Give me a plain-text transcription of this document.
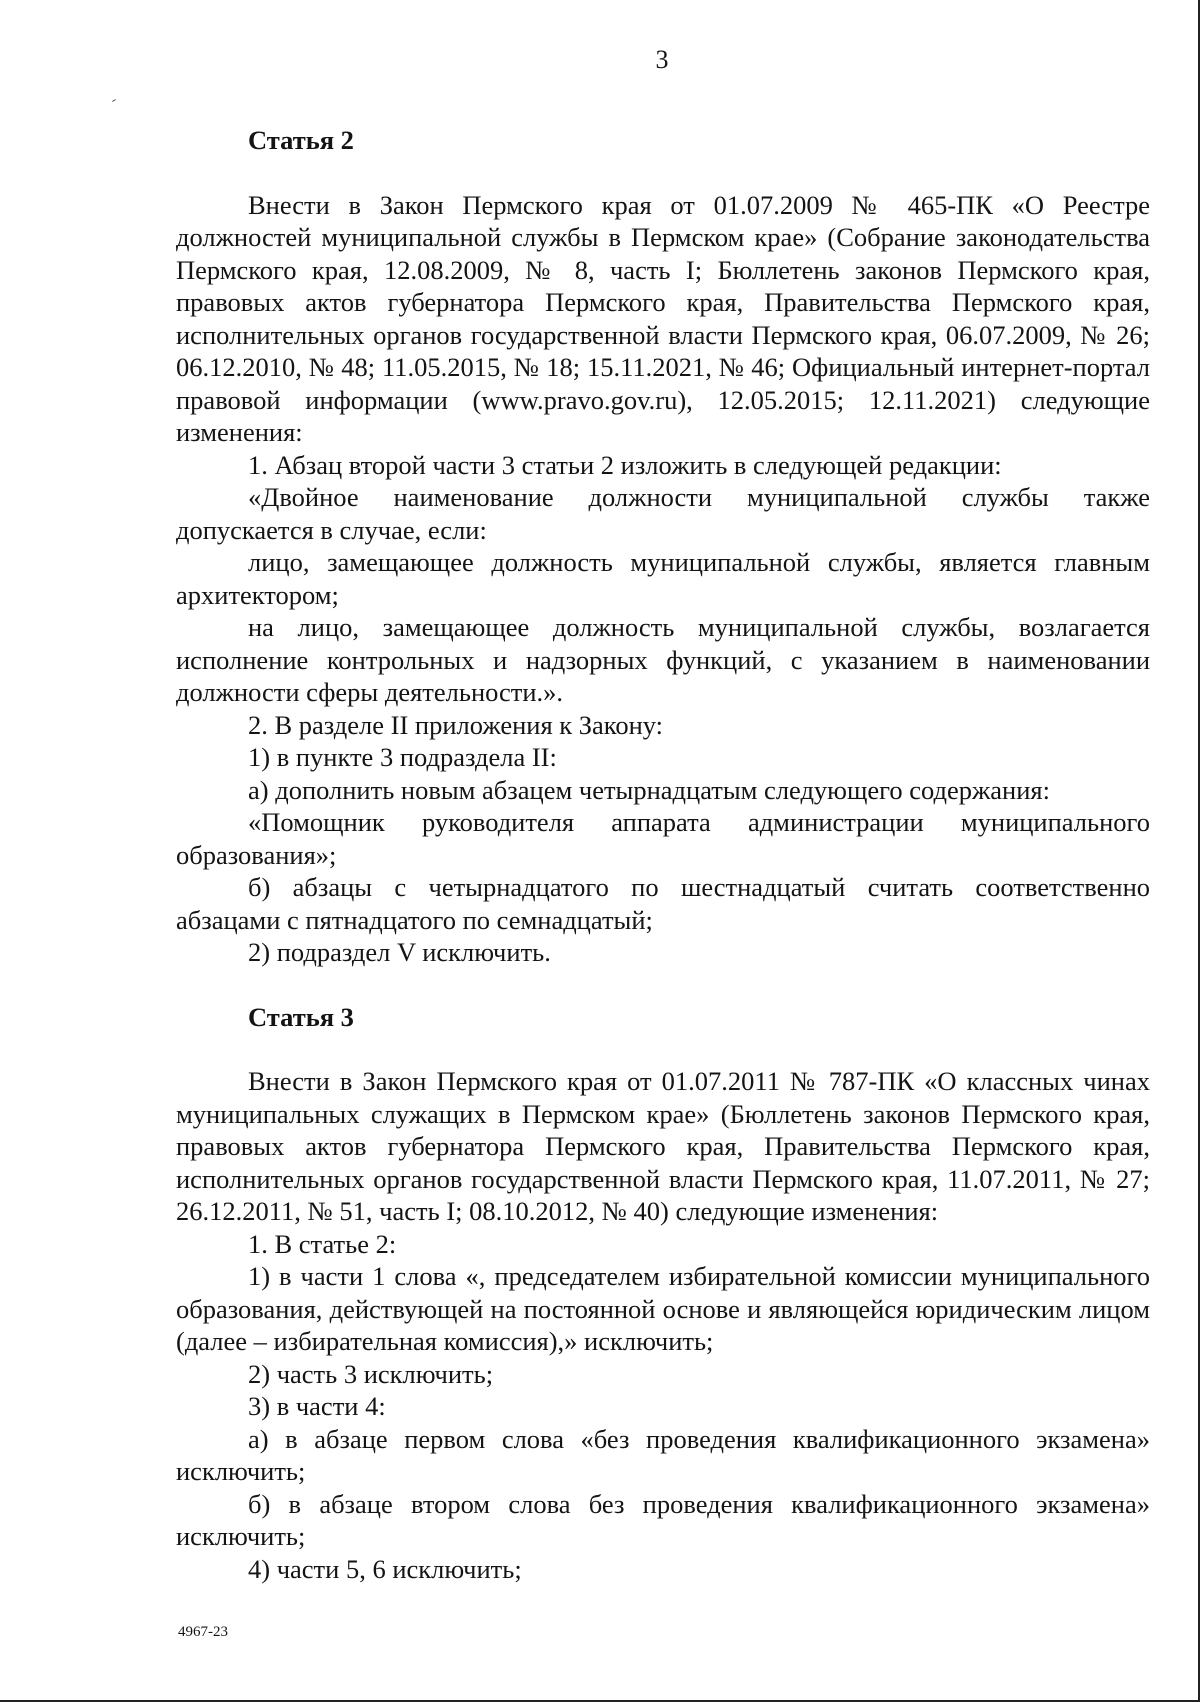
3

Статья 2

Внести в Закон Пермского края от 01.07.2009 № 465-ПК «О Реестре должностей муниципальной службы в Пермском крае» (Собрание законодательства Пермского края, 12.08.2009, № 8, часть I; Бюллетень законов Пермского края, правовых актов губернатора Пермского края, Правительства Пермского края, исполнительных органов государственной власти Пермского края, 06.07.2009, № 26; 06.12.2010, № 48; 11.05.2015, № 18; 15.11.2021, № 46; Официальный интернет-портал правовой информации (www.pravo.gov.ru), 12.05.2015; 12.11.2021) следующие изменения:

1. Абзац второй части 3 статьи 2 изложить в следующей редакции:

«Двойное наименование должности муниципальной службы также допускается в случае, если:

лицо, замещающее должность муниципальной службы, является главным архитектором;

на лицо, замещающее должность муниципальной службы, возлагается исполнение контрольных и надзорных функций, с указанием в наименовании должности сферы деятельности.».

2. В разделе II приложения к Закону:

1) в пункте 3 подраздела II:

а) дополнить новым абзацем четырнадцатым следующего содержания:

«Помощник руководителя аппарата администрации муниципального образования»;

б) абзацы с четырнадцатого по шестнадцатый считать соответственно абзацами с пятнадцатого по семнадцатый;

2) подраздел V исключить.

Статья 3

Внести в Закон Пермского края от 01.07.2011 № 787-ПК «О классных чинах муниципальных служащих в Пермском крае» (Бюллетень законов Пермского края, правовых актов губернатора Пермского края, Правительства Пермского края, исполнительных органов государственной власти Пермского края, 11.07.2011, № 27; 26.12.2011, № 51, часть I; 08.10.2012, № 40) следующие изменения:

1. В статье 2:

1) в части 1 слова «, председателем избирательной комиссии муниципального образования, действующей на постоянной основе и являющейся юридическим лицом (далее – избирательная комиссия),» исключить;

2) часть 3 исключить;

3) в части 4:

а) в абзаце первом слова «без проведения квалификационного экзамена» исключить;

б) в абзаце втором слова без проведения квалификационного экзамена» исключить;

4) части 5, 6 исключить;

4967-23
